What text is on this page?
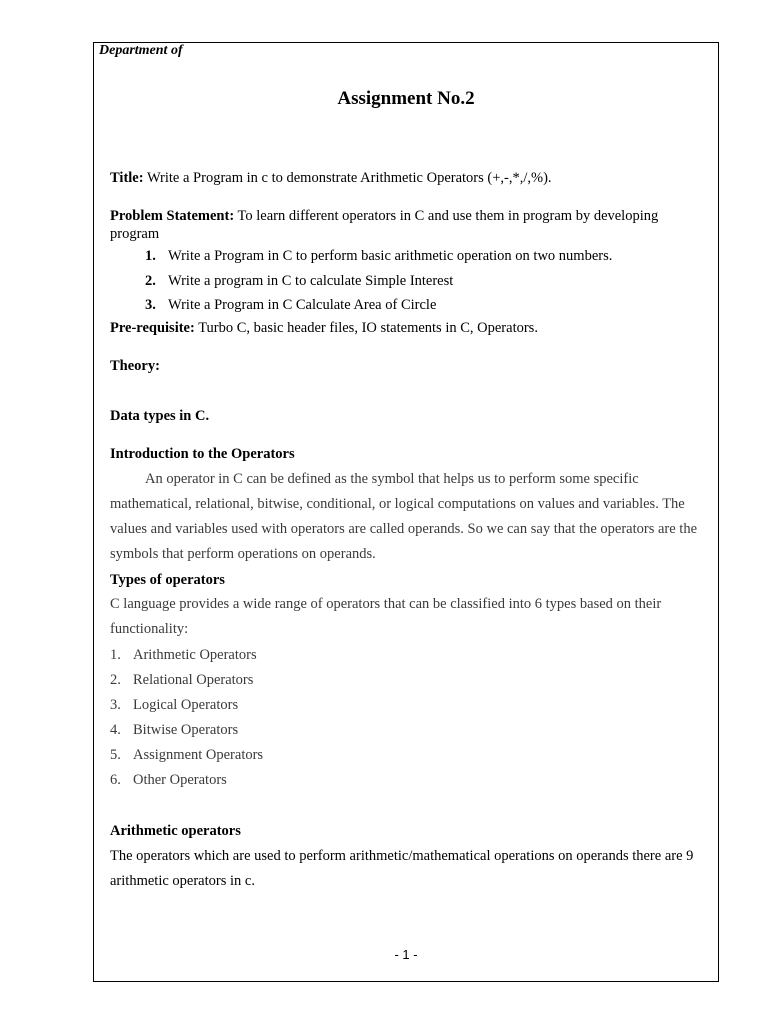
Department of
Assignment No.2
Title: Write a Program in c to demonstrate Arithmetic Operators (+,-,*,/,%).
Problem Statement: To learn different operators in C and use them in program by developing program
1. Write a Program in C to perform basic arithmetic operation on two numbers.
2. Write a program in C to calculate Simple Interest
3. Write a Program in C Calculate Area of Circle
Pre-requisite: Turbo C, basic header files, IO statements in C, Operators.
Theory:
Data types in C.
Introduction to the Operators
An operator in C can be defined as the symbol that helps us to perform some specific mathematical, relational, bitwise, conditional, or logical computations on values and variables. The values and variables used with operators are called operands. So we can say that the operators are the symbols that perform operations on operands.
Types of operators
C language provides a wide range of operators that can be classified into 6 types based on their functionality:
1. Arithmetic Operators
2. Relational Operators
3. Logical Operators
4. Bitwise Operators
5. Assignment Operators
6. Other Operators
Arithmetic operators
The operators which are used to perform arithmetic/mathematical operations on operands there are 9 arithmetic operators in c.
- 1 -
